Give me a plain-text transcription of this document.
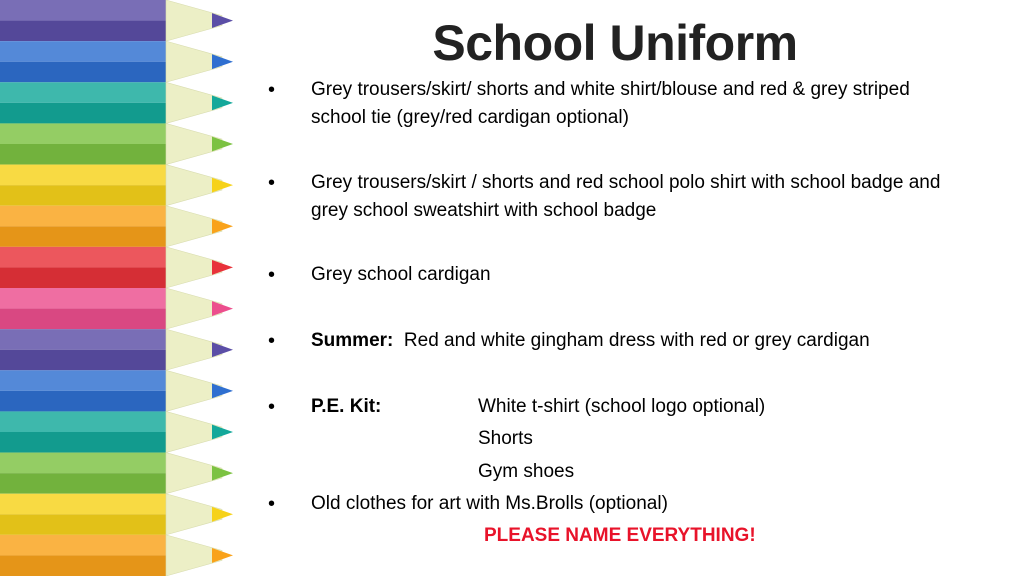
School Uniform
• Grey trousers/skirt/ shorts and white shirt/blouse and red & grey striped school tie (grey/red cardigan optional)
• Grey trousers/skirt / shorts and red school polo shirt with school badge and grey school sweatshirt with school badge
• Grey school cardigan
• Summer: Red and white gingham dress with red or grey cardigan
• P.E. Kit:	White t-shirt (school logo optional)
Shorts
Gym shoes
• Old clothes for art with Ms.Brolls (optional)
PLEASE NAME EVERYTHING!
